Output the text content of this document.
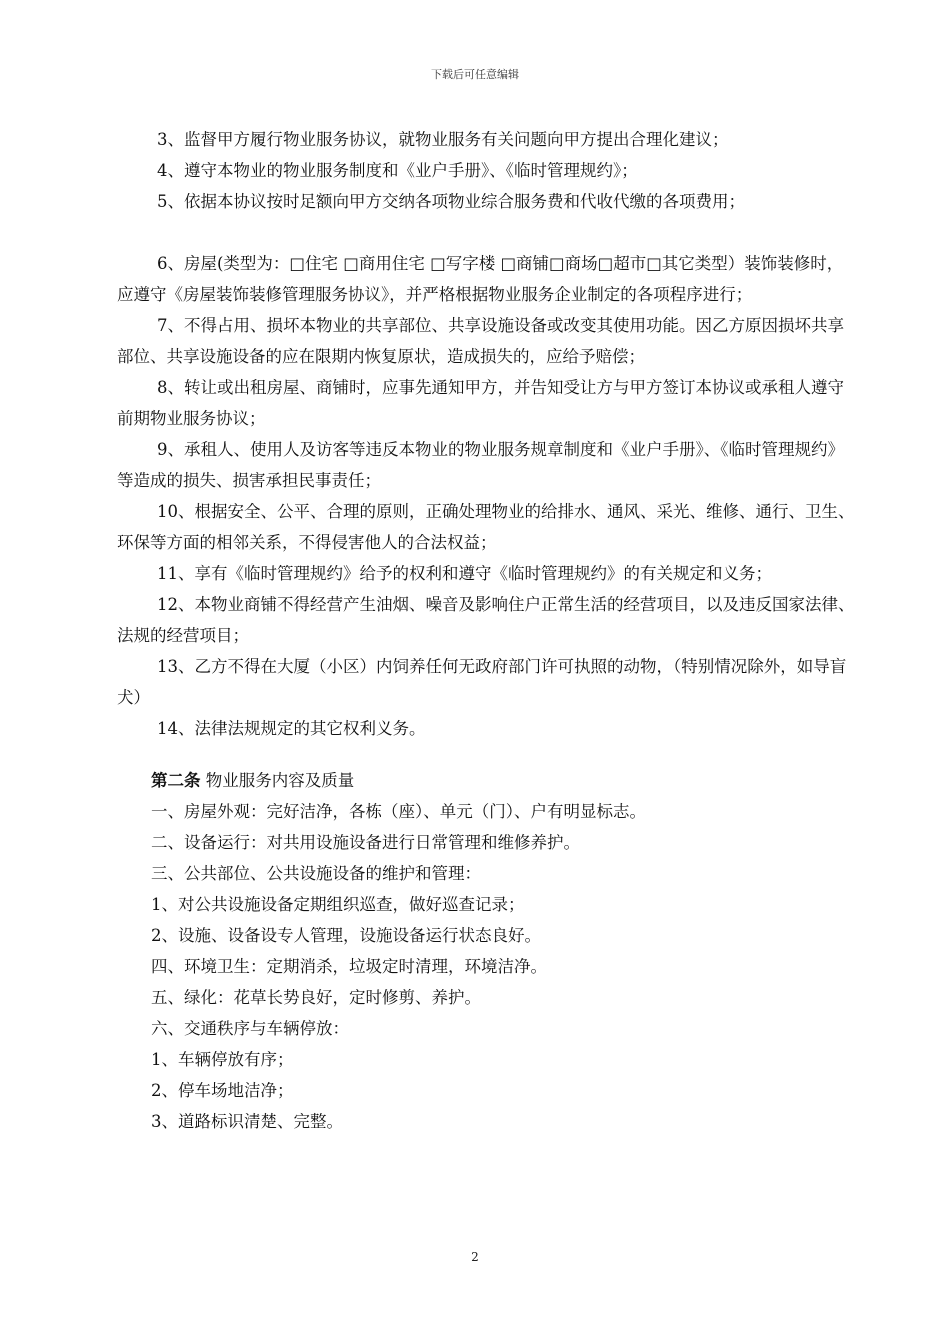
下载后可任意编辑

3、监督甲方履行物业服务协议，就物业服务有关问题向甲方提出合理化建议；

4、遵守本物业的物业服务制度和《业户手册》、《临时管理规约》；

5、依据本协议按时足额向甲方交纳各项物业综合服务费和代收代缴的各项费用；

6、房屋(类型为：□住宅 □商用住宅 □写字楼 □商铺□商场□超市□其它类型）装饰装修时，应遵守《房屋装饰装修管理服务协议》，并严格根据物业服务企业制定的各项程序进行；

7、不得占用、损坏本物业的共享部位、共享设施设备或改变其使用功能。因乙方原因损坏共享部位、共享设施设备的应在限期内恢复原状，造成损失的，应给予赔偿；

8、转让或出租房屋、商铺时，应事先通知甲方，并告知受让方与甲方签订本协议或承租人遵守前期物业服务协议；

9、承租人、使用人及访客等违反本物业的物业服务规章制度和《业户手册》、《临时管理规约》等造成的损失、损害承担民事责任；

10、根据安全、公平、合理的原则，正确处理物业的给排水、通风、采光、维修、通行、卫生、环保等方面的相邻关系，不得侵害他人的合法权益；

11、享有《临时管理规约》给予的权利和遵守《临时管理规约》的有关规定和义务；

12、本物业商铺不得经营产生油烟、噪音及影响住户正常生活的经营项目，以及违反国家法律、法规的经营项目；

13、乙方不得在大厦（小区）内饲养任何无政府部门许可执照的动物，（特别情况除外，如导盲犬）

14、法律法规规定的其它权利义务。

第二条 物业服务内容及质量

一、房屋外观：完好洁净，各栋（座）、单元（门）、户有明显标志。

二、设备运行：对共用设施设备进行日常管理和维修养护。

三、公共部位、公共设施设备的维护和管理：

1、对公共设施设备定期组织巡查，做好巡查记录；

2、设施、设备设专人管理，设施设备运行状态良好。

四、环境卫生：定期消杀，垃圾定时清理，环境洁净。

五、绿化：花草长势良好，定时修剪、养护。

六、交通秩序与车辆停放：

1、车辆停放有序；

2、停车场地洁净；

3、道路标识清楚、完整。

2
